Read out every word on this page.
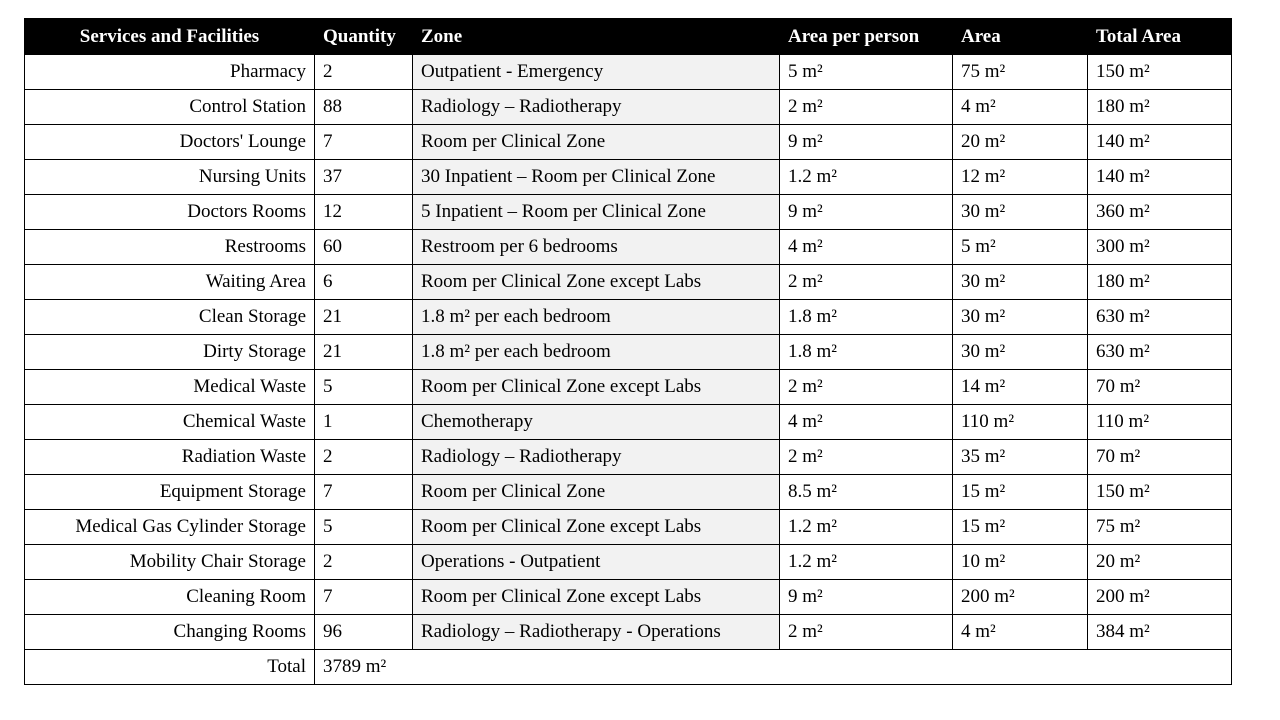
Services and Facilities	Quantity	Zone	Area per person	Area	Total Area
Pharmacy	2	Outpatient - Emergency	5 m²	75 m²	150 m²
Control Station	88	Radiology – Radiotherapy	2 m²	4 m²	180 m²
Doctors' Lounge	7	Room per Clinical Zone	9 m²	20 m²	140 m²
Nursing Units	37	30 Inpatient – Room per Clinical Zone	1.2 m²	12 m²	140 m²
Doctors Rooms	12	5 Inpatient – Room per Clinical Zone	9 m²	30 m²	360 m²
Restrooms	60	Restroom per 6 bedrooms	4 m²	5 m²	300 m²
Waiting Area	6	Room per Clinical Zone except Labs	2 m²	30 m²	180 m²
Clean Storage	21	1.8 m² per each bedroom	1.8 m²	30 m²	630 m²
Dirty Storage	21	1.8 m² per each bedroom	1.8 m²	30 m²	630 m²
Medical Waste	5	Room per Clinical Zone except Labs	2 m²	14 m²	70 m²
Chemical Waste	1	Chemotherapy	4 m²	110 m²	110 m²
Radiation Waste	2	Radiology – Radiotherapy	2 m²	35 m²	70 m²
Equipment Storage	7	Room per Clinical Zone	8.5 m²	15 m²	150 m²
Medical Gas Cylinder Storage	5	Room per Clinical Zone except Labs	1.2 m²	15 m²	75 m²
Mobility Chair Storage	2	Operations - Outpatient	1.2 m²	10 m²	20 m²
Cleaning Room	7	Room per Clinical Zone except Labs	9 m²	200 m²	200 m²
Changing Rooms	96	Radiology – Radiotherapy - Operations	2 m²	4 m²	384 m²
Total	3789 m²				
